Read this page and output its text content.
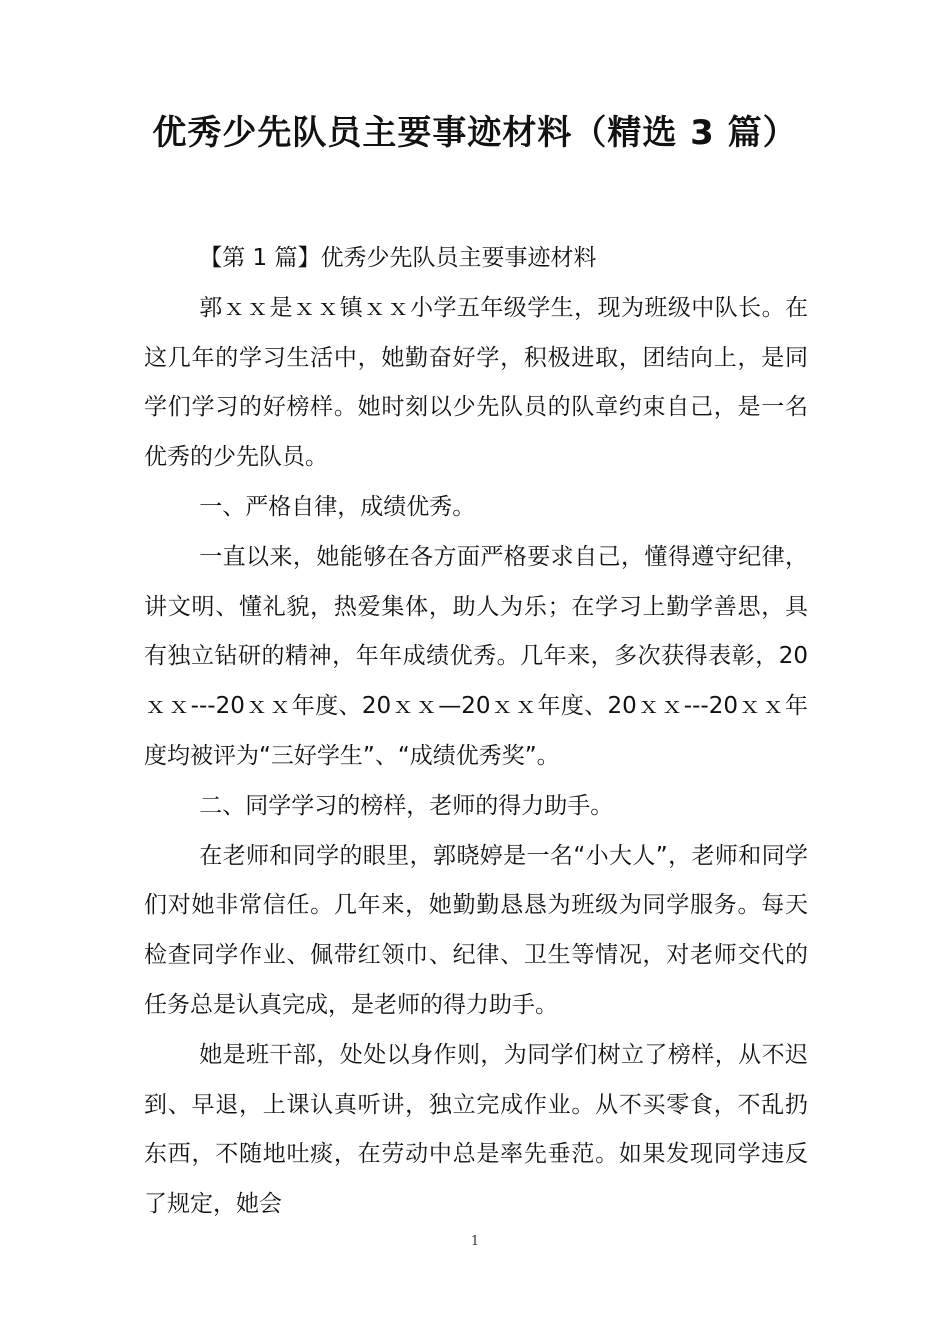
优秀少先队员主要事迹材料（精选 3 篇）

【第 1 篇】优秀少先队员主要事迹材料

郭ｘｘ是ｘｘ镇ｘｘ小学五年级学生，现为班级中队长。在这几年的学习生活中，她勤奋好学，积极进取，团结向上，是同学们学习的好榜样。她时刻以少先队员的队章约束自己，是一名优秀的少先队员。

一、严格自律，成绩优秀。

一直以来，她能够在各方面严格要求自己，懂得遵守纪律，讲文明、懂礼貌，热爱集体，助人为乐；在学习上勤学善思，具有独立钻研的精神，年年成绩优秀。几年来，多次获得表彰，20ｘｘ---20ｘｘ年度、20ｘｘ—20ｘｘ年度、20ｘｘ---20ｘｘ年度均被评为“三好学生”、“成绩优秀奖”。

二、同学学习的榜样，老师的得力助手。

在老师和同学的眼里，郭晓婷是一名“小大人”，老师和同学们对她非常信任。几年来，她勤勤恳恳为班级为同学服务。每天检查同学作业、佩带红领巾、纪律、卫生等情况，对老师交代的任务总是认真完成，是老师的得力助手。

她是班干部，处处以身作则，为同学们树立了榜样，从不迟到、早退，上课认真听讲，独立完成作业。从不买零食，不乱扔东西，不随地吐痰，在劳动中总是率先垂范。如果发现同学违反了规定，她会

1
